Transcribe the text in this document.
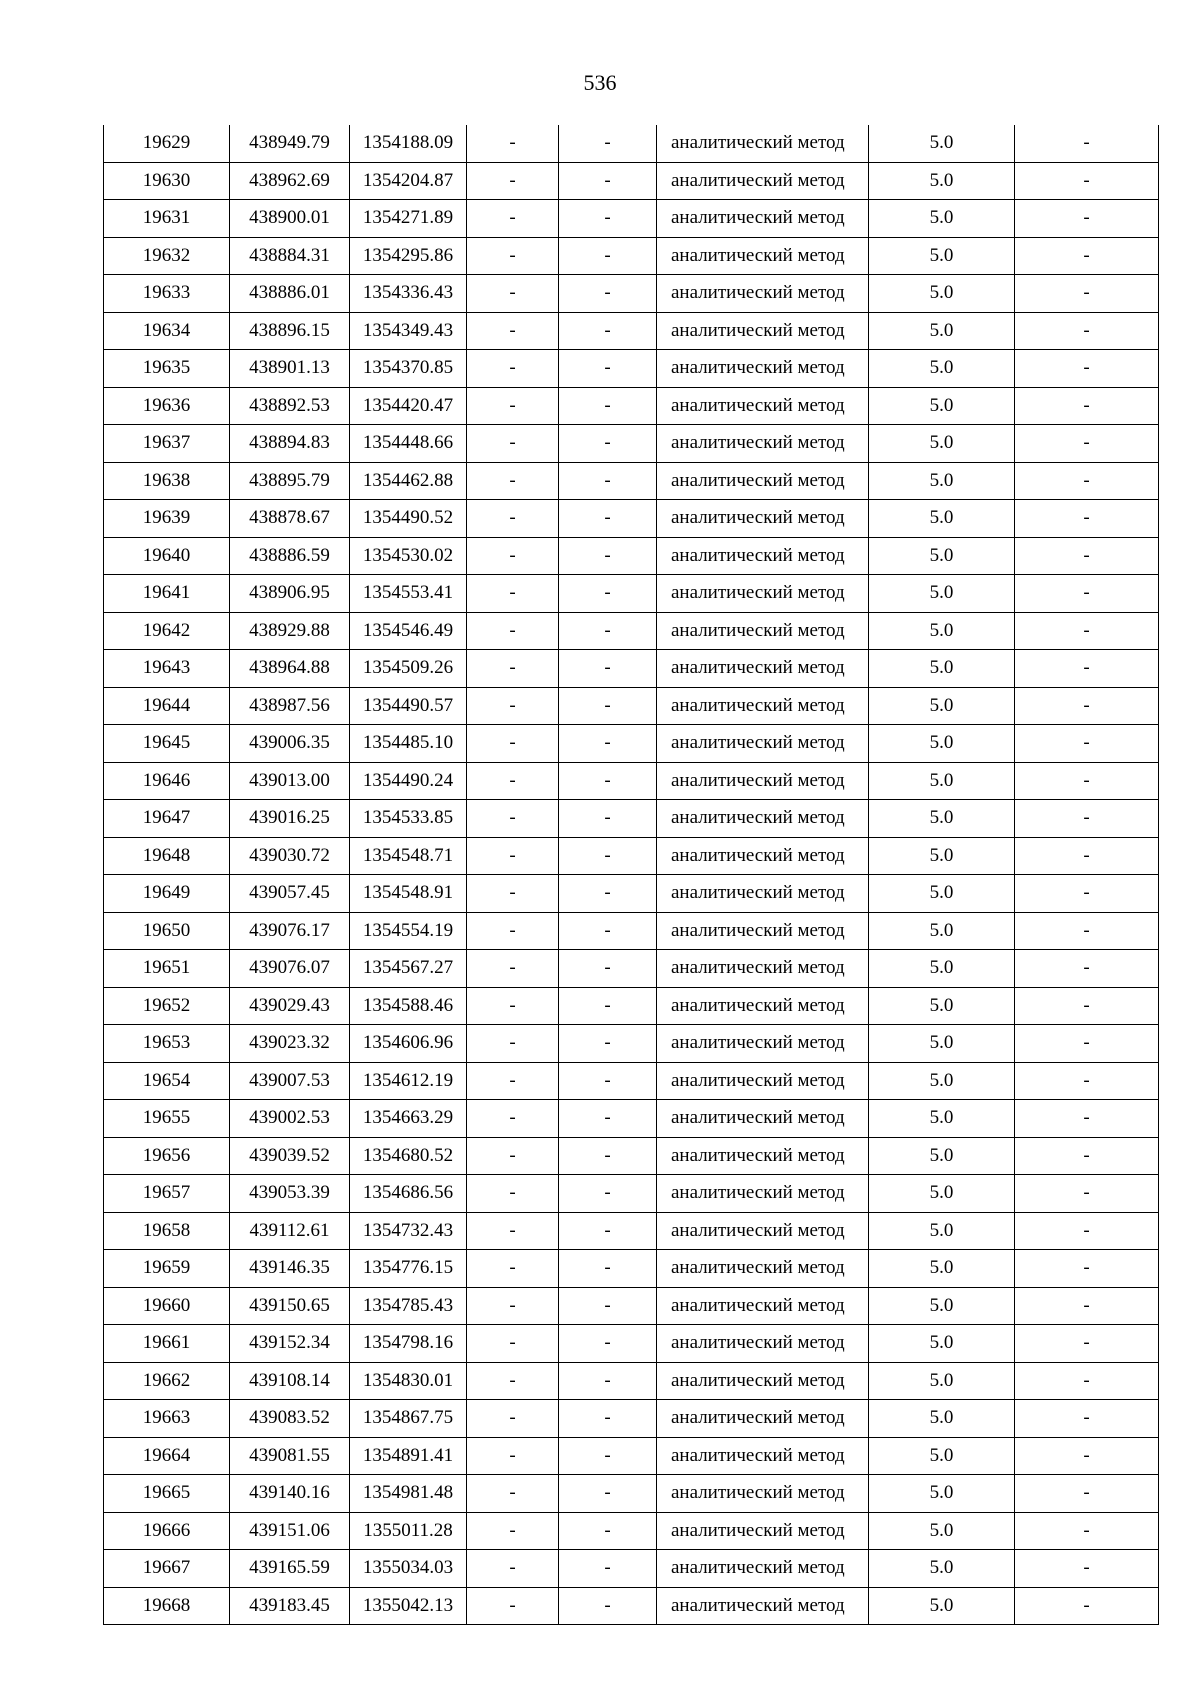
536
19629	438949.79	1354188.09	-	-	аналитический метод	5.0	-
19630	438962.69	1354204.87	-	-	аналитический метод	5.0	-
19631	438900.01	1354271.89	-	-	аналитический метод	5.0	-
19632	438884.31	1354295.86	-	-	аналитический метод	5.0	-
19633	438886.01	1354336.43	-	-	аналитический метод	5.0	-
19634	438896.15	1354349.43	-	-	аналитический метод	5.0	-
19635	438901.13	1354370.85	-	-	аналитический метод	5.0	-
19636	438892.53	1354420.47	-	-	аналитический метод	5.0	-
19637	438894.83	1354448.66	-	-	аналитический метод	5.0	-
19638	438895.79	1354462.88	-	-	аналитический метод	5.0	-
19639	438878.67	1354490.52	-	-	аналитический метод	5.0	-
19640	438886.59	1354530.02	-	-	аналитический метод	5.0	-
19641	438906.95	1354553.41	-	-	аналитический метод	5.0	-
19642	438929.88	1354546.49	-	-	аналитический метод	5.0	-
19643	438964.88	1354509.26	-	-	аналитический метод	5.0	-
19644	438987.56	1354490.57	-	-	аналитический метод	5.0	-
19645	439006.35	1354485.10	-	-	аналитический метод	5.0	-
19646	439013.00	1354490.24	-	-	аналитический метод	5.0	-
19647	439016.25	1354533.85	-	-	аналитический метод	5.0	-
19648	439030.72	1354548.71	-	-	аналитический метод	5.0	-
19649	439057.45	1354548.91	-	-	аналитический метод	5.0	-
19650	439076.17	1354554.19	-	-	аналитический метод	5.0	-
19651	439076.07	1354567.27	-	-	аналитический метод	5.0	-
19652	439029.43	1354588.46	-	-	аналитический метод	5.0	-
19653	439023.32	1354606.96	-	-	аналитический метод	5.0	-
19654	439007.53	1354612.19	-	-	аналитический метод	5.0	-
19655	439002.53	1354663.29	-	-	аналитический метод	5.0	-
19656	439039.52	1354680.52	-	-	аналитический метод	5.0	-
19657	439053.39	1354686.56	-	-	аналитический метод	5.0	-
19658	439112.61	1354732.43	-	-	аналитический метод	5.0	-
19659	439146.35	1354776.15	-	-	аналитический метод	5.0	-
19660	439150.65	1354785.43	-	-	аналитический метод	5.0	-
19661	439152.34	1354798.16	-	-	аналитический метод	5.0	-
19662	439108.14	1354830.01	-	-	аналитический метод	5.0	-
19663	439083.52	1354867.75	-	-	аналитический метод	5.0	-
19664	439081.55	1354891.41	-	-	аналитический метод	5.0	-
19665	439140.16	1354981.48	-	-	аналитический метод	5.0	-
19666	439151.06	1355011.28	-	-	аналитический метод	5.0	-
19667	439165.59	1355034.03	-	-	аналитический метод	5.0	-
19668	439183.45	1355042.13	-	-	аналитический метод	5.0	-
